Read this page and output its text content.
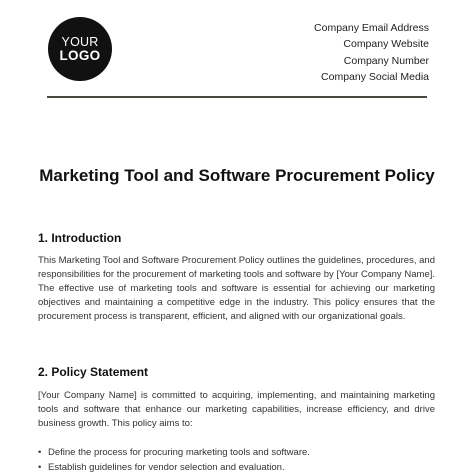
YOUR
LOGO
Company Email Address
Company Website
Company Number
Company Social Media
Marketing Tool and Software Procurement Policy
1. Introduction
This Marketing Tool and Software Procurement Policy outlines the guidelines, procedures, and responsibilities for the procurement of marketing tools and software by [Your Company Name]. The effective use of marketing tools and software is essential for achieving our marketing objectives and maintaining a competitive edge in the industry. This policy ensures that the procurement process is transparent, efficient, and aligned with our organizational goals.
2. Policy Statement
[Your Company Name] is committed to acquiring, implementing, and maintaining marketing tools and software that enhance our marketing capabilities, increase efficiency, and drive business growth. This policy aims to:
• Define the process for procuring marketing tools and software.
• Establish guidelines for vendor selection and evaluation.
